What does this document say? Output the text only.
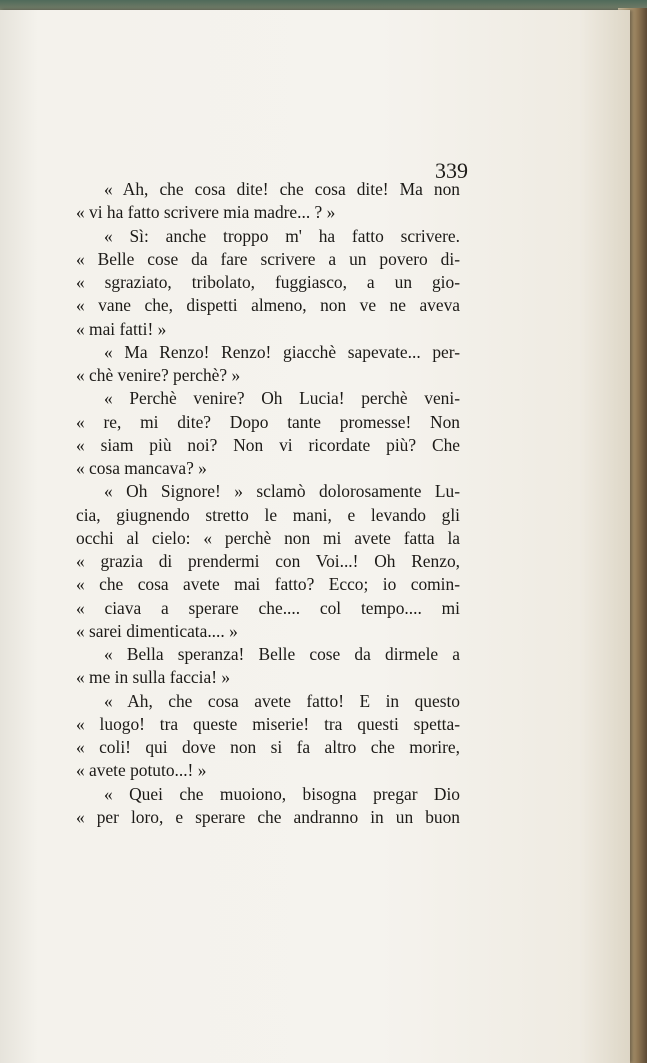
339
« Ah, che cosa dite! che cosa dite! Ma non
« vi ha fatto scrivere mia madre... ? »
« Sì: anche troppo m' ha fatto scrivere.
« Belle cose da fare scrivere a un povero di-
« sgraziato, tribolato, fuggiasco, a un gio-
« vane che, dispetti almeno, non ve ne aveva
« mai fatti! »
« Ma Renzo! Renzo! giacchè sapevate... per-
« chè venire? perchè? »
« Perchè venire? Oh Lucia! perchè veni-
« re, mi dite? Dopo tante promesse! Non
« siam più noi? Non vi ricordate più? Che
« cosa mancava? »
« Oh Signore! » sclamò dolorosamente Lu-
cia, giugnendo stretto le mani, e levando gli
occhi al cielo: « perchè non mi avete fatta la
« grazia di prendermi con Voi...! Oh Renzo,
« che cosa avete mai fatto? Ecco; io comin-
« ciava a sperare che.... col tempo.... mi
« sarei dimenticata.... »
« Bella speranza! Belle cose da dirmele a
« me in sulla faccia! »
« Ah, che cosa avete fatto! E in questo
« luogo! tra queste miserie! tra questi spetta-
« coli! qui dove non si fa altro che morire,
« avete potuto...! »
« Quei che muoiono, bisogna pregar Dio
« per loro, e sperare che andranno in un buon
